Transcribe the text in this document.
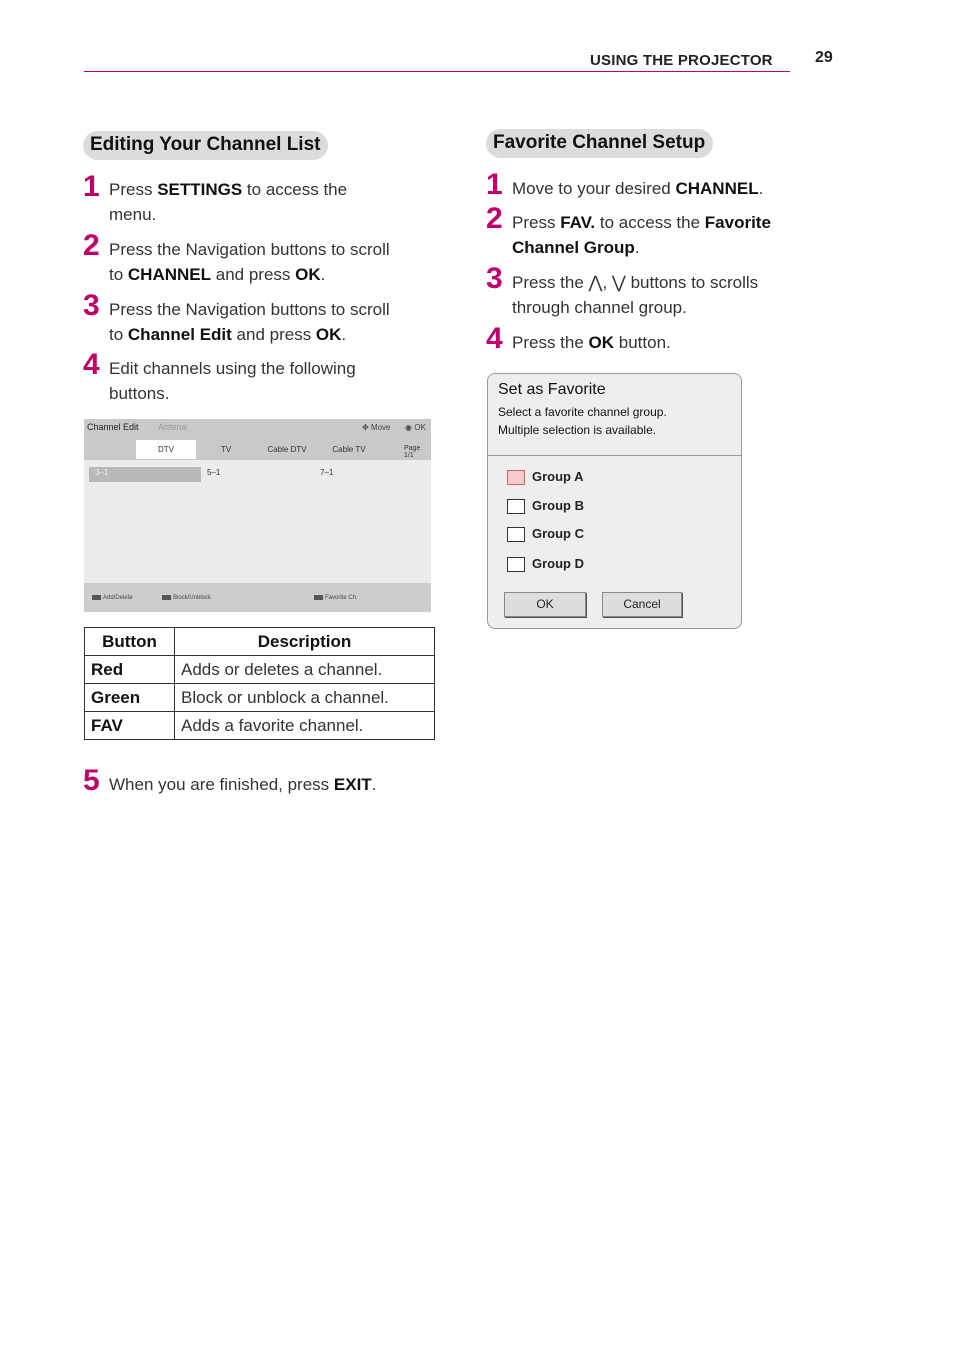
USING THE PROJECTOR	29
Editing Your Channel List
1 Press SETTINGS to access the
menu.
2 Press the Navigation buttons to scroll
to CHANNEL and press OK.
3 Press the Navigation buttons to scroll
to Channel Edit and press OK.
4 Edit channels using the following
buttons.
Channel Edit Antena	✥ Move ◉ OK
DTV	TV	Cable DTV	Cable TV	Page 1/1
3–1	5–1	7–1
Add/Delete	Block/Unblock	Favorite Ch.
Button	Description
Red	Adds or deletes a channel.
Green	Block or unblock a channel.
FAV	Adds a favorite channel.
5 When you are finished, press EXIT.
Favorite Channel Setup
1 Move to your desired CHANNEL.
2 Press FAV. to access the Favorite
Channel Group.
3 Press the ⋀, ⋁ buttons to scrolls
through channel group.
4 Press the OK button.
Set as Favorite
Select a favorite channel group.
Multiple selection is available.
Group A
Group B
Group C
Group D
OK	Cancel
